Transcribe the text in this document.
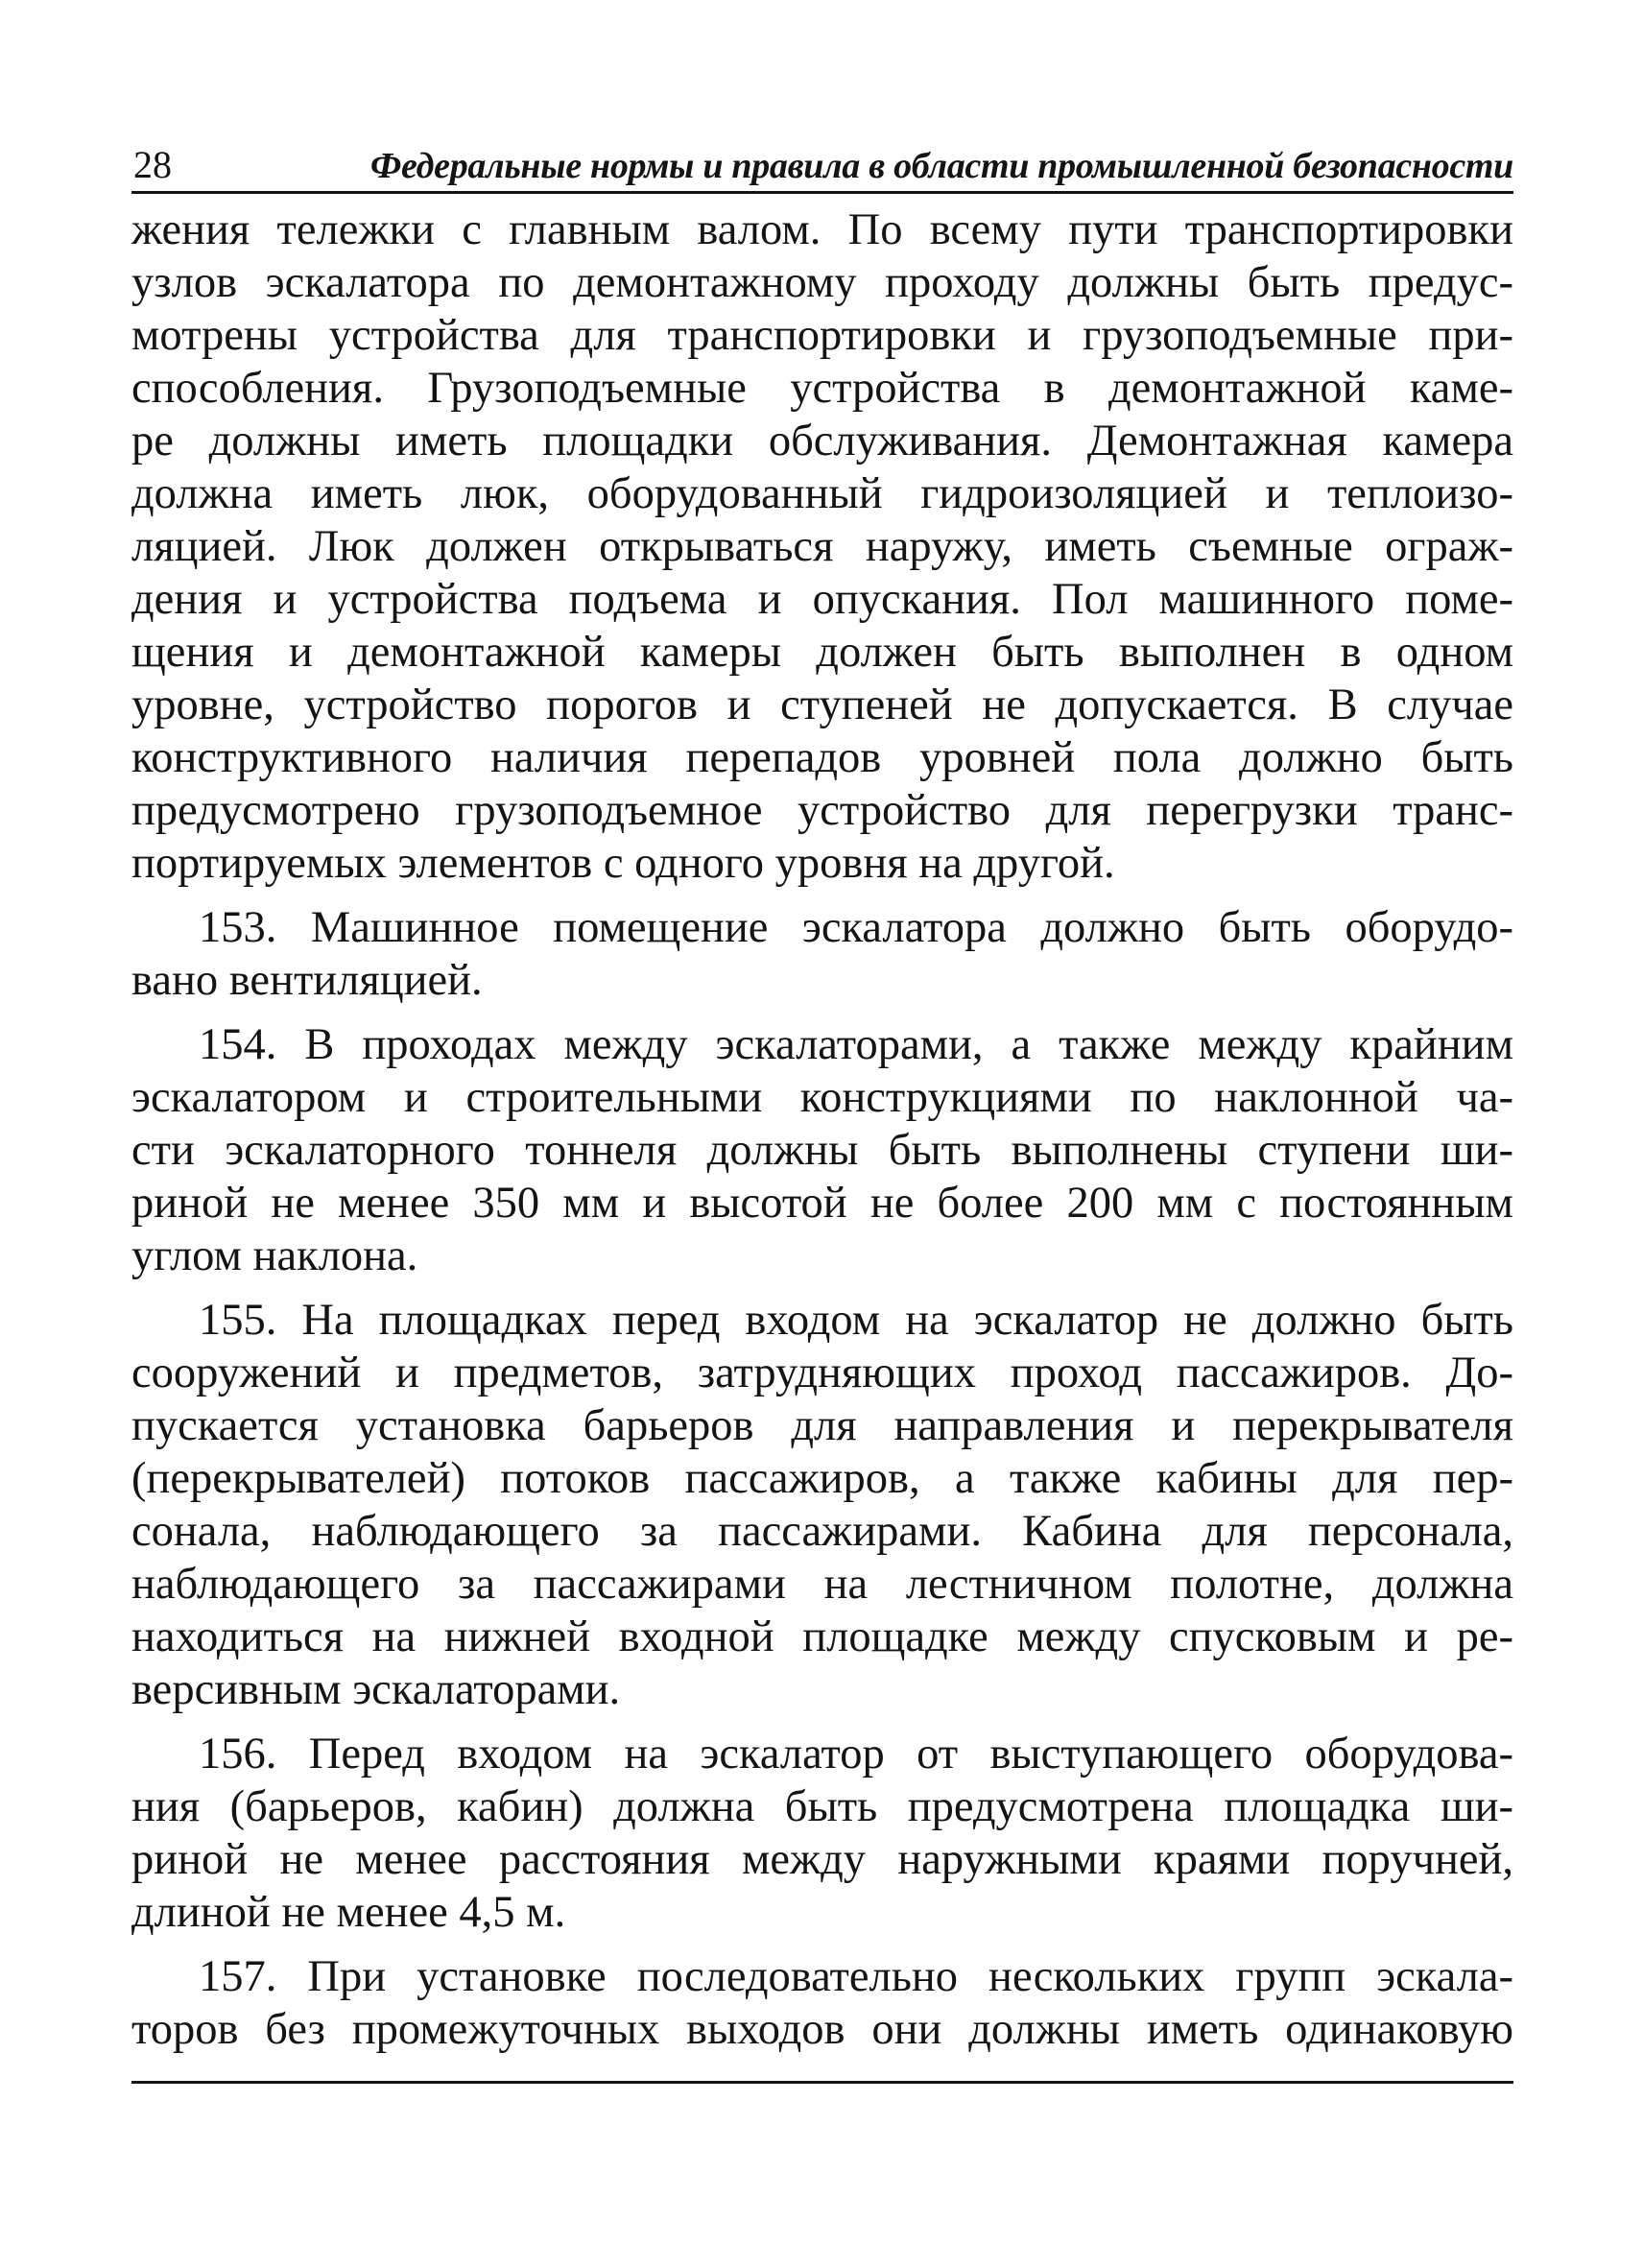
28	Федеральные нормы и правила в области промышленной безопасности
жения тележки с главным валом. По всему пути транспортировки
узлов эскалатора по демонтажному проходу должны быть предус-
мотрены устройства для транспортировки и грузоподъемные при-
способления. Грузоподъемные устройства в демонтажной каме-
ре должны иметь площадки обслуживания. Демонтажная камера
должна иметь люк, оборудованный гидроизоляцией и теплоизо-
ляцией. Люк должен открываться наружу, иметь съемные ограж-
дения и устройства подъема и опускания. Пол машинного поме-
щения и демонтажной камеры должен быть выполнен в одном
уровне, устройство порогов и ступеней не допускается. В случае
конструктивного наличия перепадов уровней пола должно быть
предусмотрено грузоподъемное устройство для перегрузки транс-
портируемых элементов с одного уровня на другой.
153. Машинное помещение эскалатора должно быть оборудо-
вано вентиляцией.
154. В проходах между эскалаторами, а также между крайним
эскалатором и строительными конструкциями по наклонной ча-
сти эскалаторного тоннеля должны быть выполнены ступени ши-
риной не менее 350 мм и высотой не более 200 мм с постоянным
углом наклона.
155. На площадках перед входом на эскалатор не должно быть
сооружений и предметов, затрудняющих проход пассажиров. До-
пускается установка барьеров для направления и перекрывателя
(перекрывателей) потоков пассажиров, а также кабины для пер-
сонала, наблюдающего за пассажирами. Кабина для персонала,
наблюдающего за пассажирами на лестничном полотне, должна
находиться на нижней входной площадке между спусковым и ре-
версивным эскалаторами.
156. Перед входом на эскалатор от выступающего оборудова-
ния (барьеров, кабин) должна быть предусмотрена площадка ши-
риной не менее расстояния между наружными краями поручней,
длиной не менее 4,5 м.
157. При установке последовательно нескольких групп эскала-
торов без промежуточных выходов они должны иметь одинаковую
